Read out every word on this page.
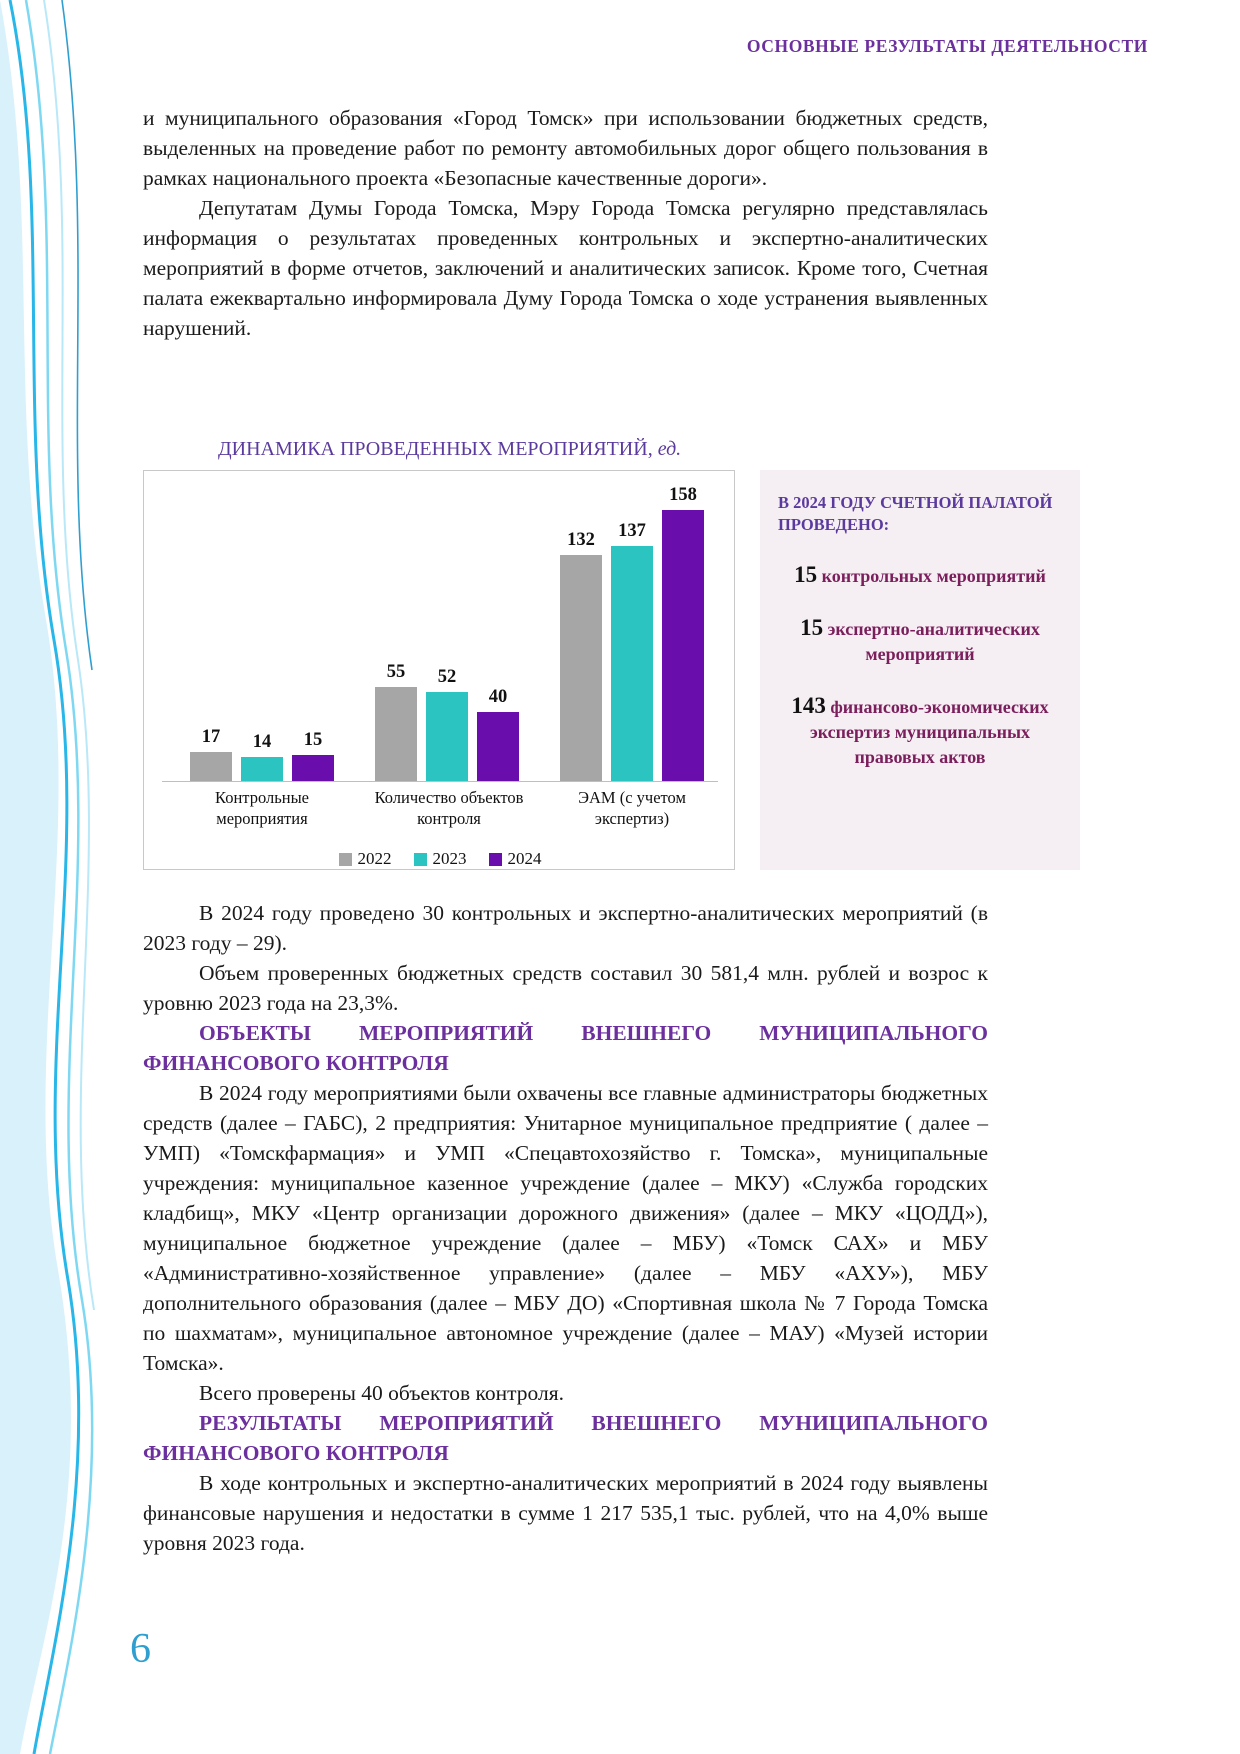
ОСНОВНЫЕ РЕЗУЛЬТАТЫ ДЕЯТЕЛЬНОСТИ

и муниципального образования «Город Томск» при использовании бюджетных средств, выделенных на проведение работ по ремонту автомобильных дорог общего пользования в рамках национального проекта «Безопасные качественные дороги».

Депутатам Думы Города Томска, Мэру Города Томска регулярно представлялась информация о результатах проведенных контрольных и экспертно-аналитических мероприятий в форме отчетов, заключений и аналитических записок. Кроме того, Счетная палата ежеквартально информировала Думу Города Томска о ходе устранения выявленных нарушений.

ДИНАМИКА ПРОВЕДЕННЫХ МЕРОПРИЯТИЙ, ед.
17 14 15
55 52
40
132 137
158
Контрольные мероприятия
Количество объектов контроля
ЭАМ (с учетом экспертиз)
2022 2023 2024
В 2024 ГОДУ СЧЕТНОЙ ПАЛАТОЙ ПРОВЕДЕНО:
15 контрольных мероприятий
15 экспертно-аналитических мероприятий
143 финансово-экономических экспертиз муниципальных правовых актов

В 2024 году проведено 30 контрольных и экспертно-аналитических мероприятий (в 2023 году – 29).

Объем проверенных бюджетных средств составил 30 581,4 млн. рублей и возрос к уровню 2023 года на 23,3%.

ОБЪЕКТЫ МЕРОПРИЯТИЙ ВНЕШНЕГО МУНИЦИПАЛЬНОГО ФИНАНСОВОГО КОНТРОЛЯ

В 2024 году мероприятиями были охвачены все главные администраторы бюджетных средств (далее – ГАБС), 2 предприятия: Унитарное муниципальное предприятие ( далее – УМП) «Томскфармация» и УМП «Спецавтохозяйство г. Томска», муниципальные учреждения: муниципальное казенное учреждение (далее – МКУ) «Служба городских кладбищ», МКУ «Центр организации дорожного движения» (далее – МКУ «ЦОДД»), муниципальное бюджетное учреждение (далее – МБУ) «Томск САХ» и МБУ «Административно-хозяйственное управление» (далее – МБУ «АХУ»), МБУ дополнительного образования (далее – МБУ ДО) «Спортивная школа № 7 Города Томска по шахматам», муниципальное автономное учреждение (далее – МАУ) «Музей истории Томска».

Всего проверены 40 объектов контроля.

РЕЗУЛЬТАТЫ МЕРОПРИЯТИЙ ВНЕШНЕГО МУНИЦИПАЛЬНОГО ФИНАНСОВОГО КОНТРОЛЯ

В ходе контрольных и экспертно-аналитических мероприятий в 2024 году выявлены финансовые нарушения и недостатки в сумме 1 217 535,1 тыс. рублей, что на 4,0% выше уровня 2023 года.

6
